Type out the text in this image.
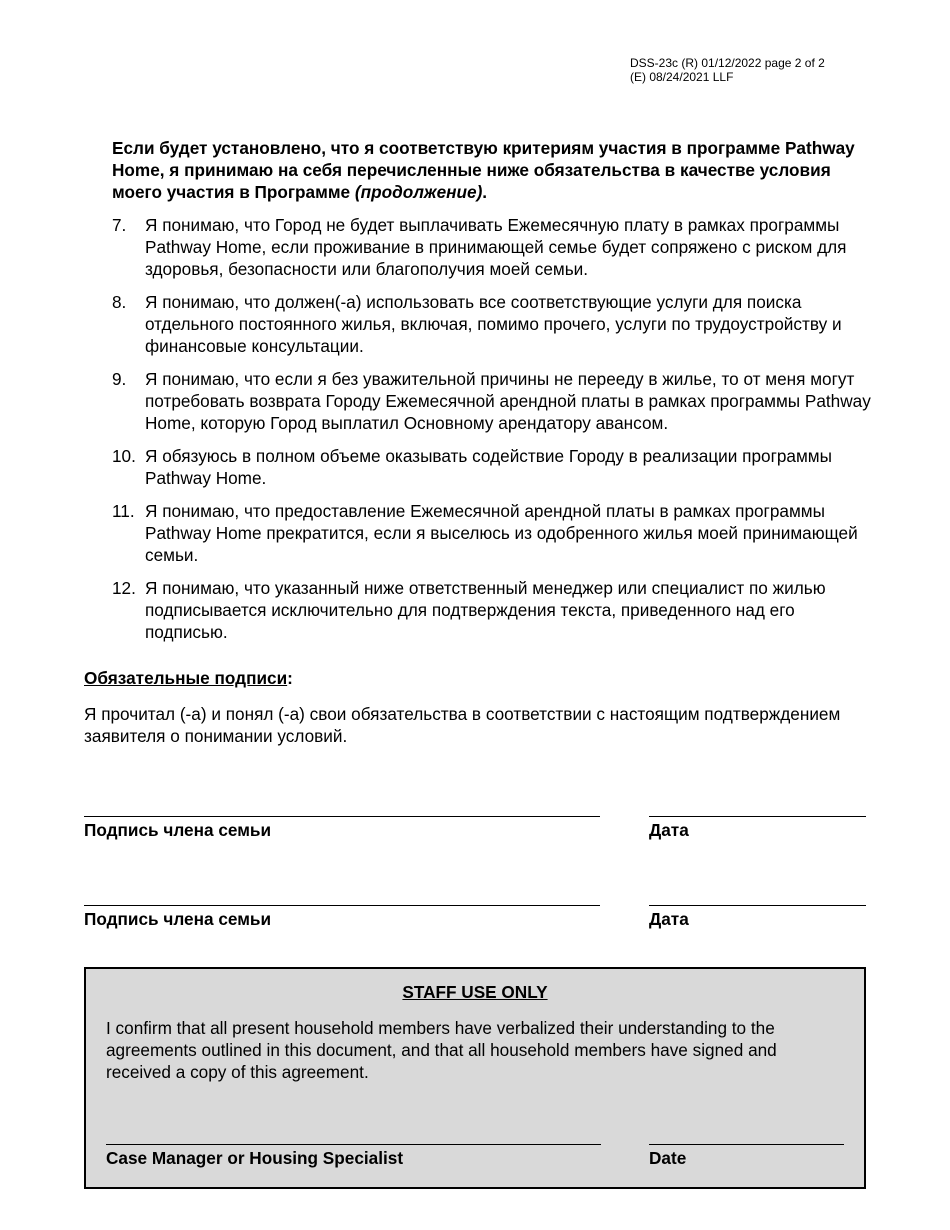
DSS-23c (R) 01/12/2022 page 2 of 2
(E) 08/24/2021 LLF
Если будет установлено, что я соответствую критериям участия в программе Pathway Home, я принимаю на себя перечисленные ниже обязательства в качестве условия моего участия в Программе (продолжение).
7. Я понимаю, что Город не будет выплачивать Ежемесячную плату в рамках программы Pathway Home, если проживание в принимающей семье будет сопряжено с риском для здоровья, безопасности или благополучия моей семьи.
8. Я понимаю, что должен(-а) использовать все соответствующие услуги для поиска отдельного постоянного жилья, включая, помимо прочего, услуги по трудоустройству и финансовые консультации.
9. Я понимаю, что если я без уважительной причины не перееду в жилье, то от меня могут потребовать возврата Городу Ежемесячной арендной платы в рамках программы Pathway Home, которую Город выплатил Основному арендатору авансом.
10. Я обязуюсь в полном объеме оказывать содействие Городу в реализации программы Pathway Home.
11. Я понимаю, что предоставление Ежемесячной арендной платы в рамках программы Pathway Home прекратится, если я выселюсь из одобренного жилья моей принимающей семьи.
12. Я понимаю, что указанный ниже ответственный менеджер или специалист по жилью подписывается исключительно для подтверждения текста, приведенного над его подписью.
Обязательные подписи:
Я прочитал (-а) и понял (-а) свои обязательства в соответствии с настоящим подтверждением заявителя о понимании условий.
Подпись члена семьи	Дата
Подпись члена семьи	Дата
STAFF USE ONLY
I confirm that all present household members have verbalized their understanding to the agreements outlined in this document, and that all household members have signed and received a copy of this agreement.
Case Manager or Housing Specialist	Date
